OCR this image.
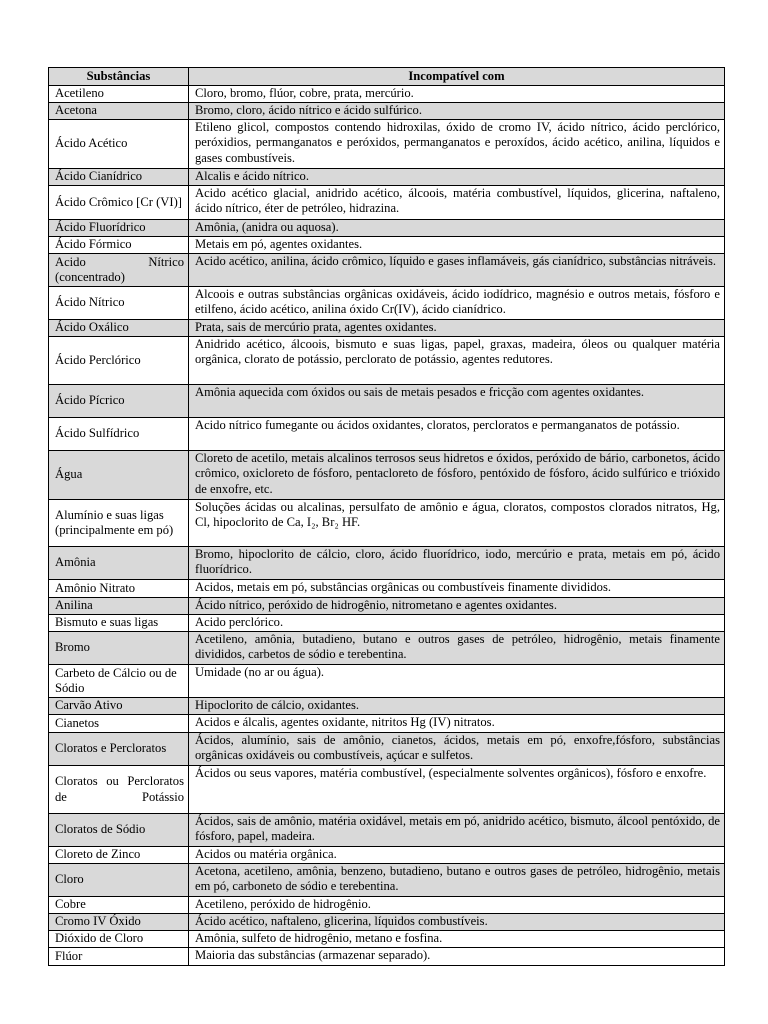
Substâncias	Incompatível com
Acetileno	Cloro, bromo, flúor, cobre, prata, mercúrio.
Acetona	Bromo, cloro, ácido nítrico e ácido sulfúrico.
Ácido Acético	Etileno glicol, compostos contendo hidroxilas, óxido de cromo IV, ácido nítrico, ácido perclórico, peróxidios, permanganatos e peróxidos, permanganatos e peroxídos, ácido acético, anilina, líquidos e gases combustíveis.
Ácido Cianídrico	Alcalis e ácido nítrico.
Ácido Crômico [Cr (VI)]	Acido acético glacial, anidrido acético, álcoois, matéria combustível, líquidos, glicerina, naftaleno, ácido nítrico, éter de petróleo, hidrazina.
Ácido Fluorídrico	Amônia, (anidra ou aquosa).
Ácido Fórmico	Metais em pó, agentes oxidantes.
Acido Nítrico (concentrado)	Acido acético, anilina, ácido crômico, líquido e gases inflamáveis, gás cianídrico, substâncias nitráveis.
Ácido Nítrico	Alcoois e outras substâncias orgânicas oxidáveis, ácido iodídrico, magnésio e outros metais, fósforo e etilfeno, ácido acético, anilina óxido Cr(IV), ácido cianídrico.
Ácido Oxálico	Prata, sais de mercúrio prata, agentes oxidantes.
Ácido Perclórico	Anidrido acético, álcoois, bismuto e suas ligas, papel, graxas, madeira, óleos ou qualquer matéria orgânica, clorato de potássio, perclorato de potássio, agentes redutores.
Ácido Pícrico	Amônia aquecida com óxidos ou sais de metais pesados e fricção com agentes oxidantes.
Ácido Sulfídrico	Acido nítrico fumegante ou ácidos oxidantes, cloratos, percloratos e permanganatos de potássio.
Água	Cloreto de acetilo, metais alcalinos terrosos seus hidretos e óxidos, peróxido de bário, carbonetos, ácido crômico, oxicloreto de fósforo, pentacloreto de fósforo, pentóxido de fósforo, ácido sulfúrico e trióxido de enxofre, etc.
Alumínio e suas ligas (principalmente em pó)	Soluções ácidas ou alcalinas, persulfato de amônio e água, cloratos, compostos clorados nitratos, Hg, Cl, hipoclorito de Ca, I₂, Br₂ HF.
Amônia	Bromo, hipoclorito de cálcio, cloro, ácido fluorídrico, iodo, mercúrio e prata, metais em pó, ácido fluorídrico.
Amônio Nitrato	Acidos, metais em pó, substâncias orgânicas ou combustíveis finamente divididos.
Anilina	Ácido nítrico, peróxido de hidrogênio, nitrometano e agentes oxidantes.
Bismuto e suas ligas	Acido perclórico.
Bromo	Acetileno, amônia, butadieno, butano e outros gases de petróleo, hidrogênio, metais finamente divididos, carbetos de sódio e terebentina.
Carbeto de Cálcio ou de Sódio	Umidade (no ar ou água).
Carvão Ativo	Hipoclorito de cálcio, oxidantes.
Cianetos	Acidos e álcalis, agentes oxidante, nitritos Hg (IV) nitratos.
Cloratos e Percloratos	Ácidos, alumínio, sais de amônio, cianetos, ácidos, metais em pó, enxofre,fósforo, substâncias orgânicas oxidáveis ou combustíveis, açúcar e sulfetos.
Cloratos ou Percloratos de Potássio	Ácidos ou seus vapores, matéria combustível, (especialmente solventes orgânicos), fósforo e enxofre.
Cloratos de Sódio	Ácidos, sais de amônio, matéria oxidável, metais em pó, anidrido acético, bismuto, álcool pentóxido, de fósforo, papel, madeira.
Cloreto de Zinco	Acidos ou matéria orgânica.
Cloro	Acetona, acetileno, amônia, benzeno, butadieno, butano e outros gases de petróleo, hidrogênio, metais em pó, carboneto de sódio e terebentina.
Cobre	Acetileno, peróxido de hidrogênio.
Cromo IV Óxido	Ácido acético, naftaleno, glicerina, líquidos combustíveis.
Dióxido de Cloro	Amônia, sulfeto de hidrogênio, metano e fosfina.
Flúor	Maioria das substâncias (armazenar separado).
